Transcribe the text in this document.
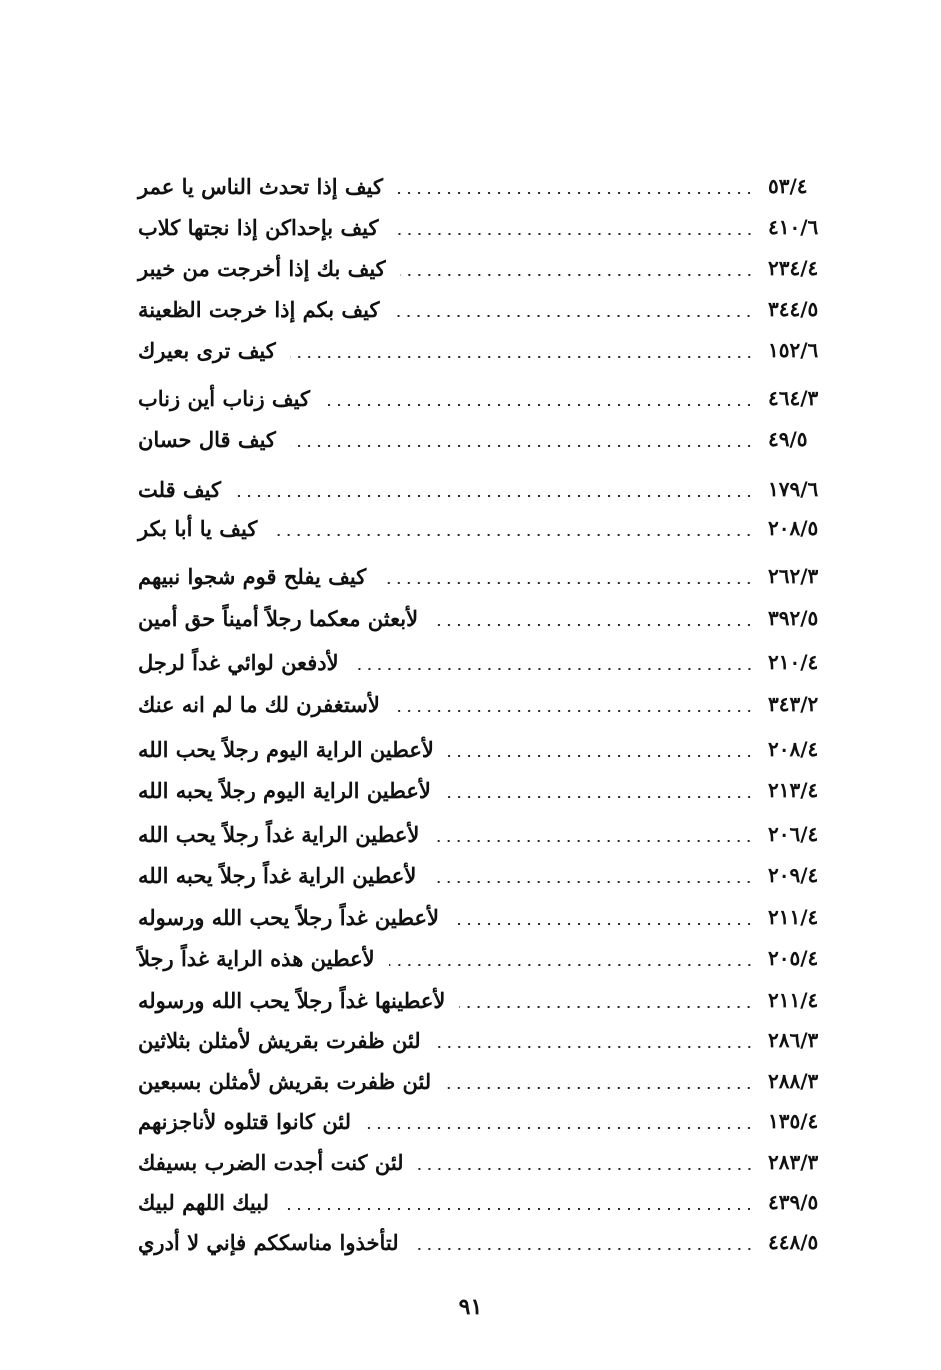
كيف إذا تحدث الناس يا عمر	٥٣/٤
كيف بإحداكن إذا نجتها كلاب	٤١٠/٦
كيف بك إذا أخرجت من خيبر	٢٣٤/٤
كيف بكم إذا خرجت الظعينة	٣٤٤/٥
كيف ترى بعيرك	١٥٢/٦
كيف زناب أين زناب	٤٦٤/٣
كيف قال حسان	٤٩/٥
كيف قلت	١٧٩/٦
كيف يا أبا بكر	٢٠٨/٥
كيف يفلح قوم شجوا نبيهم	٢٦٢/٣
لأبعثن معكما رجلاً أميناً حق أمين	٣٩٢/٥
لأدفعن لوائي غداً لرجل	٢١٠/٤
لأستغفرن لك ما لم انه عنك	٣٤٣/٢
لأعطين الراية اليوم رجلاً يحب الله	٢٠٨/٤
لأعطين الراية اليوم رجلاً يحبه الله	٢١٣/٤
لأعطين الراية غداً رجلاً يحب الله	٢٠٦/٤
لأعطين الراية غداً رجلاً يحبه الله	٢٠٩/٤
لأعطين غداً رجلاً يحب الله ورسوله	٢١١/٤
لأعطين هذه الراية غداً رجلاً	٢٠٥/٤
لأعطينها غداً رجلاً يحب الله ورسوله	٢١١/٤
لئن ظفرت بقريش لأمثلن بثلاثين	٢٨٦/٣
لئن ظفرت بقريش لأمثلن بسبعين	٢٨٨/٣
لئن كانوا قتلوه لأناجزنهم	١٣٥/٤
لئن كنت أجدت الضرب بسيفك	٢٨٣/٣
لبيك اللهم لبيك	٤٣٩/٥
لتأخذوا مناسككم فإني لا أدري	٤٤٨/٥
٩١
